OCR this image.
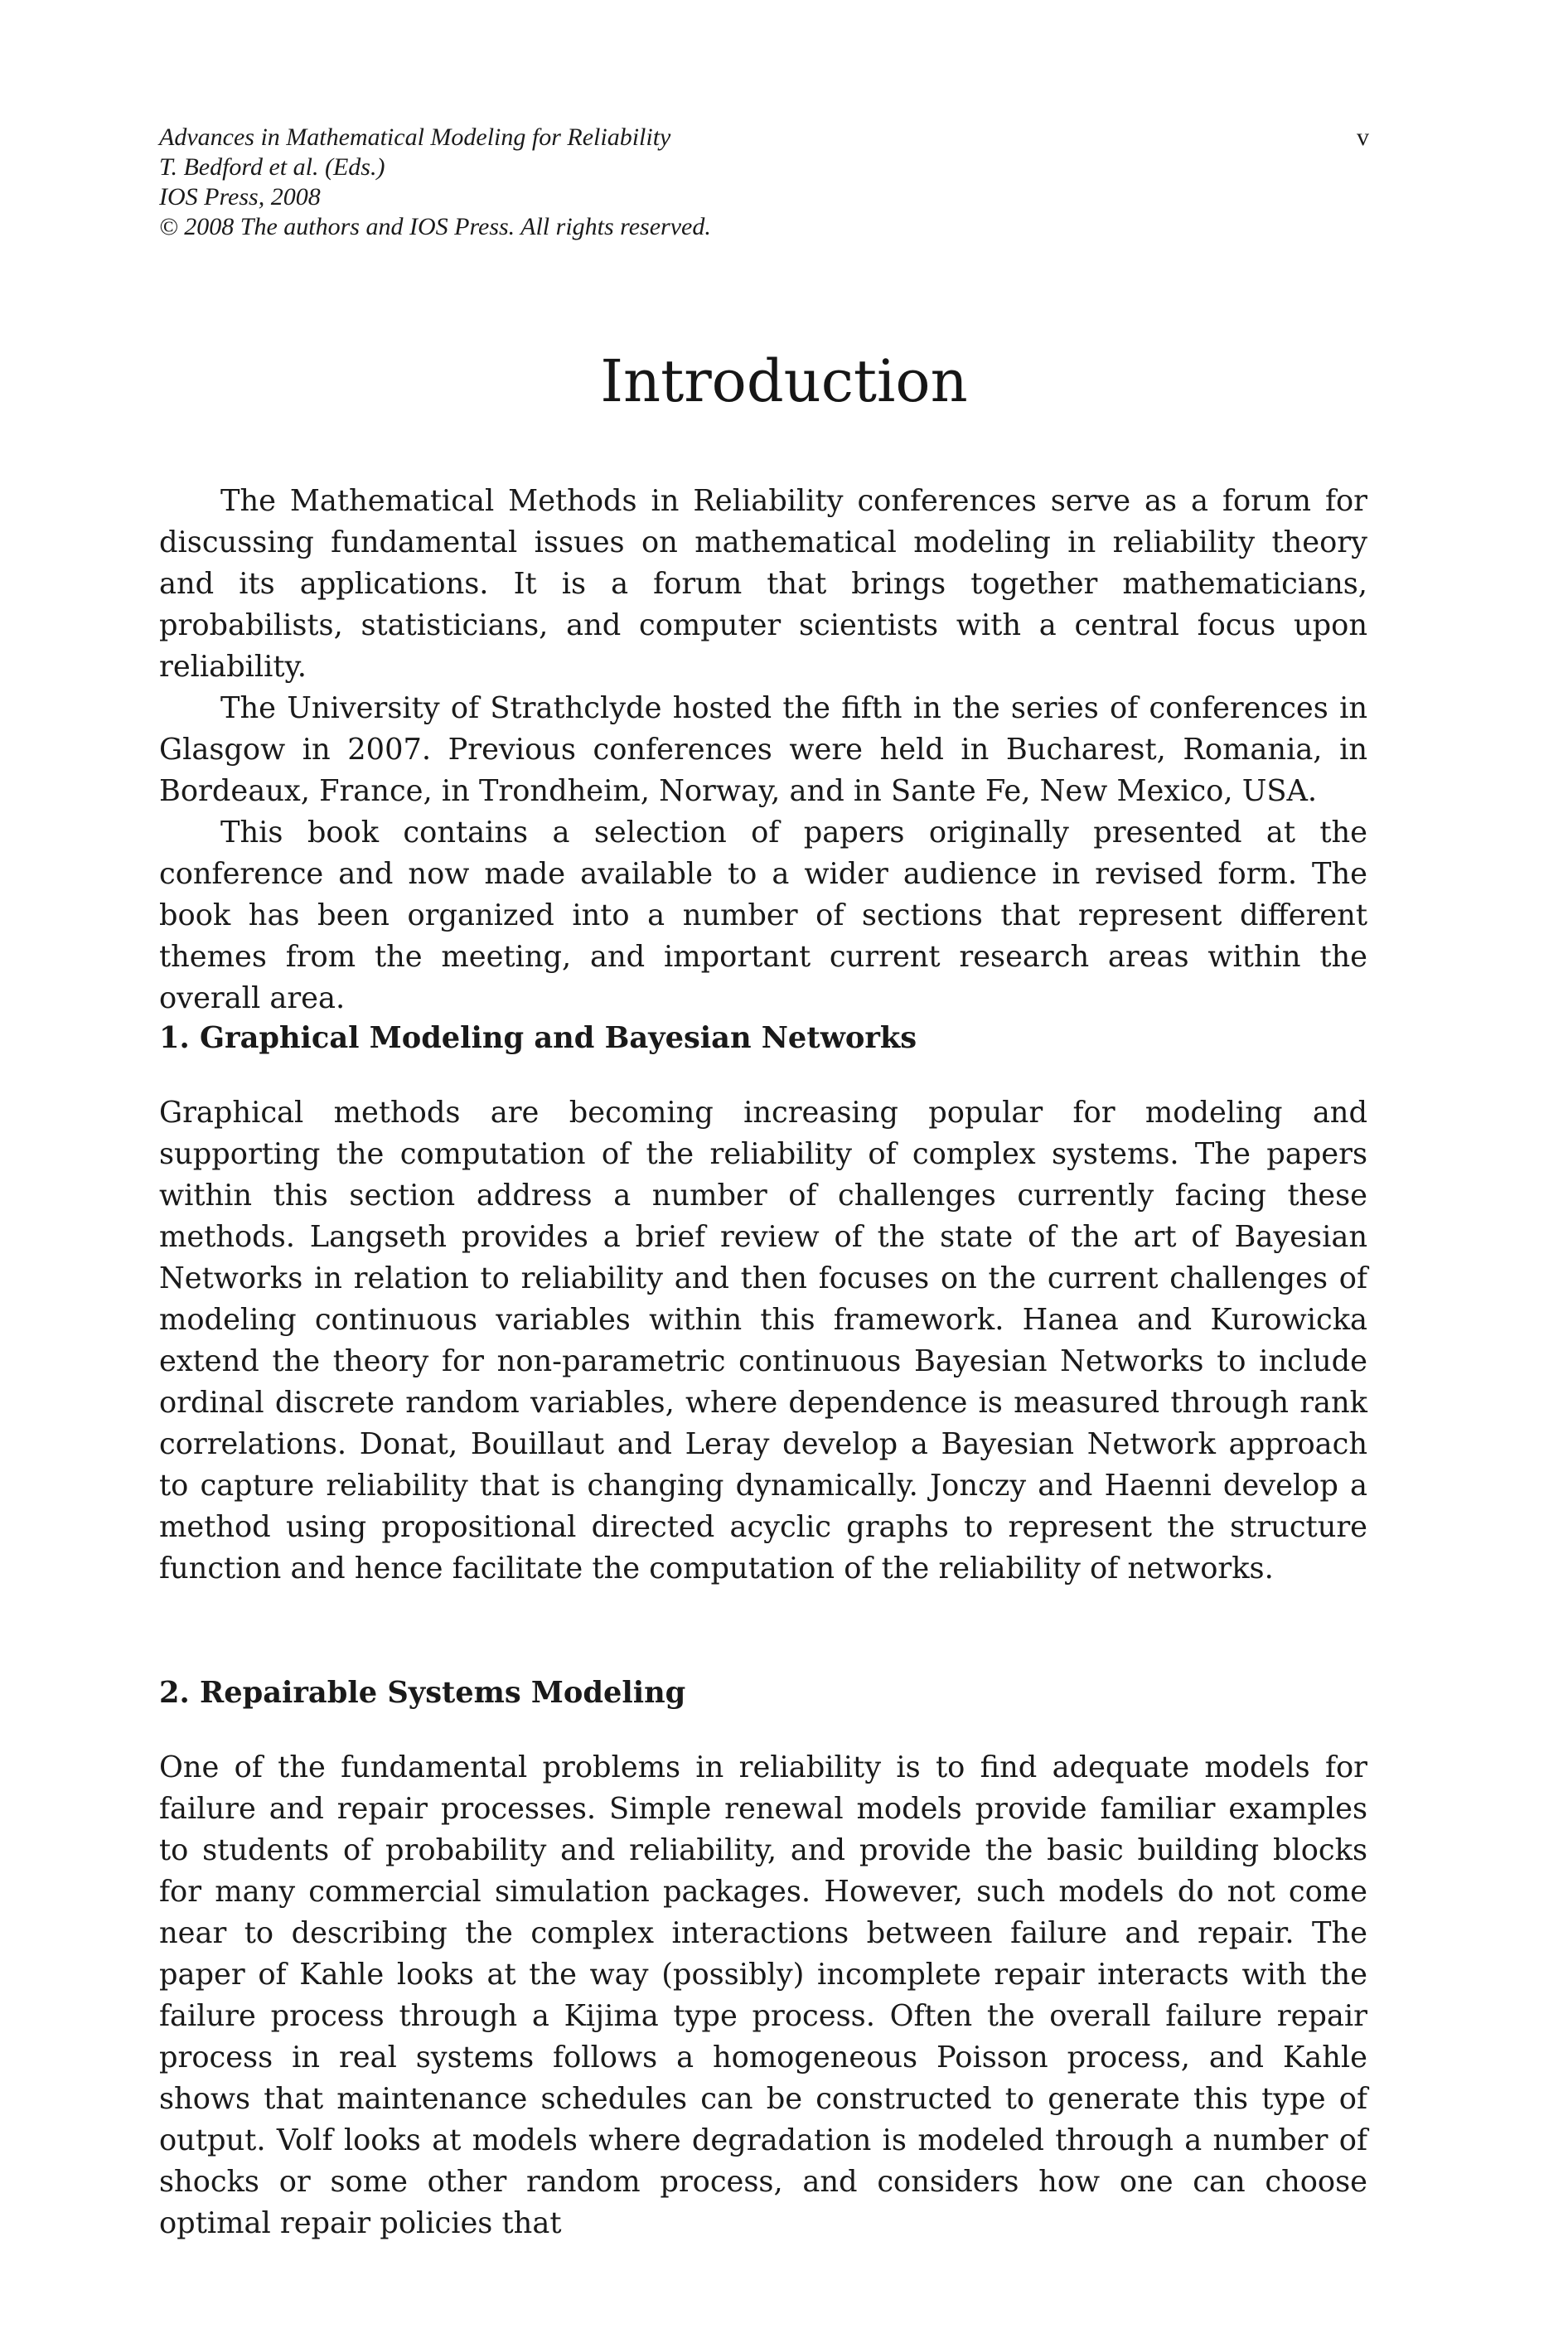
Advances in Mathematical Modeling for Reliability
T. Bedford et al. (Eds.)
IOS Press, 2008
© 2008 The authors and IOS Press. All rights reserved.
v
Introduction

The Mathematical Methods in Reliability conferences serve as a forum for discussing fundamental issues on mathematical modeling in reliability theory and its applications. It is a forum that brings together mathematicians, probabilists, statisticians, and computer scientists with a central focus upon reliability.

The University of Strathclyde hosted the fifth in the series of conferences in Glasgow in 2007. Previous conferences were held in Bucharest, Romania, in Bordeaux, France, in Trondheim, Norway, and in Sante Fe, New Mexico, USA.

This book contains a selection of papers originally presented at the conference and now made available to a wider audience in revised form. The book has been organized into a number of sections that represent different themes from the meeting, and important current research areas within the overall area.

1. Graphical Modeling and Bayesian Networks

Graphical methods are becoming increasing popular for modeling and supporting the computation of the reliability of complex systems. The papers within this section address a number of challenges currently facing these methods. Langseth provides a brief review of the state of the art of Bayesian Networks in relation to reliability and then focuses on the current challenges of modeling continuous variables within this framework. Hanea and Kurowicka extend the theory for non-parametric continuous Bayesian Networks to include ordinal discrete random variables, where dependence is measured through rank correlations. Donat, Bouillaut and Leray develop a Bayesian Network approach to capture reliability that is changing dynamically. Jonczy and Haenni develop a method using propositional directed acyclic graphs to represent the structure function and hence facilitate the computation of the reliability of networks.

2. Repairable Systems Modeling

One of the fundamental problems in reliability is to find adequate models for failure and repair processes. Simple renewal models provide familiar examples to students of probability and reliability, and provide the basic building blocks for many commercial simulation packages. However, such models do not come near to describing the complex interactions between failure and repair. The paper of Kahle looks at the way (possibly) incomplete repair interacts with the failure process through a Kijima type process. Often the overall failure repair process in real systems follows a homogeneous Poisson process, and Kahle shows that maintenance schedules can be constructed to generate this type of output. Volf looks at models where degradation is modeled through a number of shocks or some other random process, and considers how one can choose optimal repair policies that
